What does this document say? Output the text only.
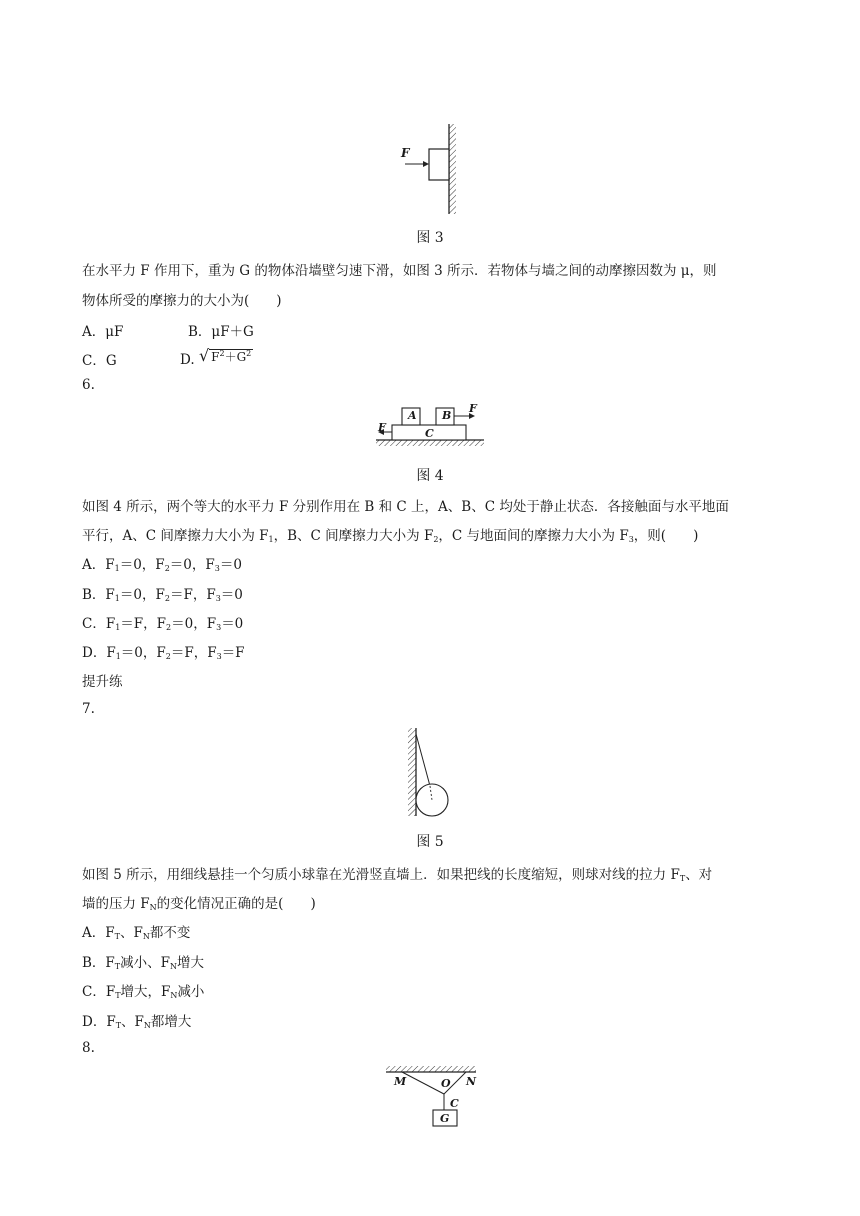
F
图 3
在水平力 F 作用下，重为 G 的物体沿墙壁匀速下滑，如图 3 所示．若物体与墙之间的动摩擦因数为 μ，则
物体所受的摩擦力的大小为(　　)
A．μF	B．μF＋G
C．G	D. √ $F^2+G^2$
6.
A B
C
F
F
图 4
如图 4 所示，两个等大的水平力 F 分别作用在 B 和 C 上，A、B、C 均处于静止状态．各接触面与水平地面
平行，A、C 间摩擦力大小为 $F_1$，B、C 间摩擦力大小为 $F_2$，C 与地面间的摩擦力大小为 $F_3$，则(　　)
A．$F_1=0$，$F_2=0$，$F_3=0$
B．$F_1=0$，$F_2=F$，$F_3=0$
C．$F_1=F$，$F_2=0$，$F_3=0$
D．$F_1=0$，$F_2=F$，$F_3=F$
提升练
7.
图 5
如图 5 所示，用细线悬挂一个匀质小球靠在光滑竖直墙上．如果把线的长度缩短，则球对线的拉力 $F_T$、对
墙的压力 $F_N$的变化情况正确的是(　　)
A．$F_T$、$F_N$都不变
B．$F_T$减小、$F_N$增大
C．$F_T$增大，$F_N$减小
D．$F_T$、$F_N$都增大
8.
M	O N
C
G
